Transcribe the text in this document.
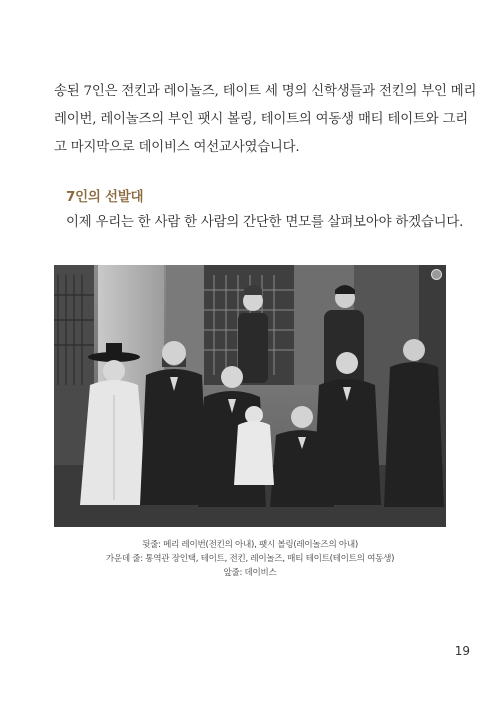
송된 7인은 전킨과 레이놀즈, 테이트 세 명의 신학생들과 전킨의 부인 메리
레이번, 레이놀즈의 부인 팻시 볼링, 테이트의 여동생 매티 테이트와 그리
고 마지막으로 데이비스 여선교사였습니다.
7인의 선발대
이제 우리는 한 사람 한 사람의 간단한 면모를 살펴보아야 하겠습니다.
뒷줄: 메리 레이번(전킨의 아내), 팻시 볼링(레이놀즈의 아내)
가운데 줄: 통역관 장인택, 테이트, 전킨, 레이놀즈, 매티 테이트(테이트의 여동생)
앞줄: 데이비스
19
